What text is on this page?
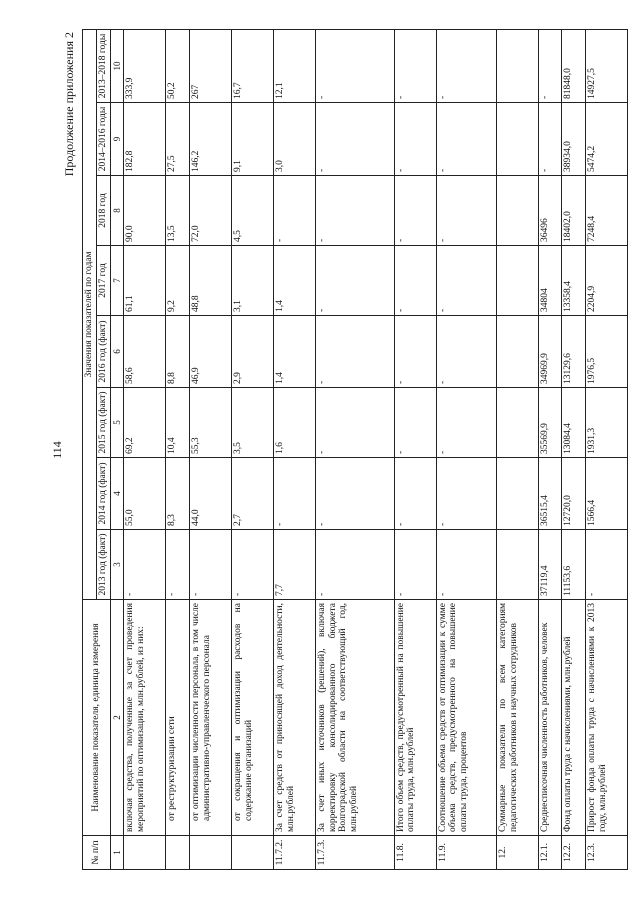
114
Продолжение приложения 2
№ п/п	Наименование показателя, единица измерения	Значения показателей по годам							
		2013 год (факт)	2014 год (факт)	2015 год (факт)	2016 год (факт)	2017 год	2018 год	2014–2016 годы	2013–2018 годы
1	2	3	4	5	6	7	8	9	10
	включая средства, полученные за счет проведения мероприятий по оптимизации, млн.рублей, из них:	-	55,0	69,2	58,6	61,1	90,0	182,8	333,9
	от реструктуризации сети	-	8,3	10,4	8,8	9,2	13,5	27,5	50,2
	от оптимизации численности персонала, в том числе административно-управленческого персонала	-	44,0	55,3	46,9	48,8	72,0	146,2	267
	от сокращения и оптимизации расходов на содержание организаций	-	2,7	3,5	2,9	3,1	4,5	9,1	16,7
11.7.2.	За счет средств от приносящей доход деятельности, млн.рублей	7,7	-	1,6	1,4	1,4	-	3,0	12,1
11.7.3.	За счет иных источников (решений), включая корректировку консолидированного бюджета Волгоградской области на соответствующий год, млн.рублей	-	-	-	-	-	-	-	-
11.8.	Итого объем средств, предусмотренный на повышение оплаты труда, млн.рублей	-	-	-	-	-	-	-	-
11.9.	Соотношение объема средств от оптимизации к сумме объема средств, предусмотренного на повышение оплаты труда, процентов	-	-	-	-	-	-	-	-
12.	Суммарные показатели по всем категориям педагогических работников и научных сотрудников								
12.1.	Среднесписочная численность работников, человек	37119,4	36515,4	35569,9	34969,9	34804	36496	-	-
12.2.	Фонд оплаты труда с начислениями, млн.рублей	11153,6	12720,0	13084,4	13129,6	13358,4	18402,0	38934,0	81848,0
12.3.	Прирост фонда оплаты труда с начислениями к 2013 году, млн.рублей	-	1566,4	1931,3	1976,5	2204,9	7248,4	5474,2	14927,5
